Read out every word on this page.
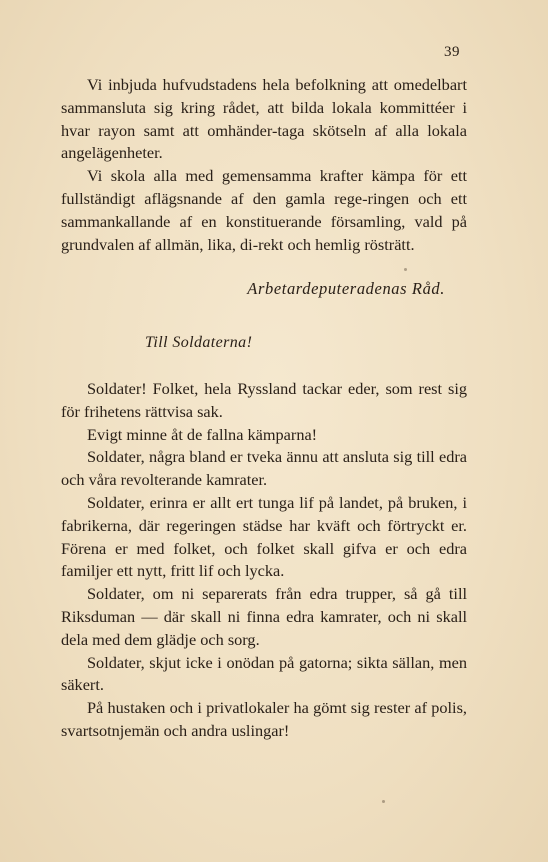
39

Vi inbjuda hufvudstadens hela befolkning att omedelbart sammansluta sig kring rådet, att bilda lokala kommittéer i hvar rayon samt att omhänder-taga skötseln af alla lokala angelägenheter.

Vi skola alla med gemensamma krafter kämpa för ett fullständigt aflägsnande af den gamla rege-ringen och ett sammankallande af en konstituerande församling, vald på grundvalen af allmän, lika, di-rekt och hemlig rösträtt.

Arbetardeputeradenas Råd.
Till Soldaterna!

Soldater! Folket, hela Ryssland tackar eder, som rest sig för frihetens rättvisa sak.

Evigt minne åt de fallna kämparna!

Soldater, några bland er tveka ännu att ansluta sig till edra och våra revolterande kamrater.

Soldater, erinra er allt ert tunga lif på landet, på bruken, i fabrikerna, där regeringen städse har kväft och förtryckt er. Förena er med folket, och folket skall gifva er och edra familjer ett nytt, fritt lif och lycka.

Soldater, om ni separerats från edra trupper, så gå till Riksduman — där skall ni finna edra kamrater, och ni skall dela med dem glädje och sorg.

Soldater, skjut icke i onödan på gatorna; sikta sällan, men säkert.

På hustaken och i privatlokaler ha gömt sig rester af polis, svartsotnjemän och andra uslingar!
